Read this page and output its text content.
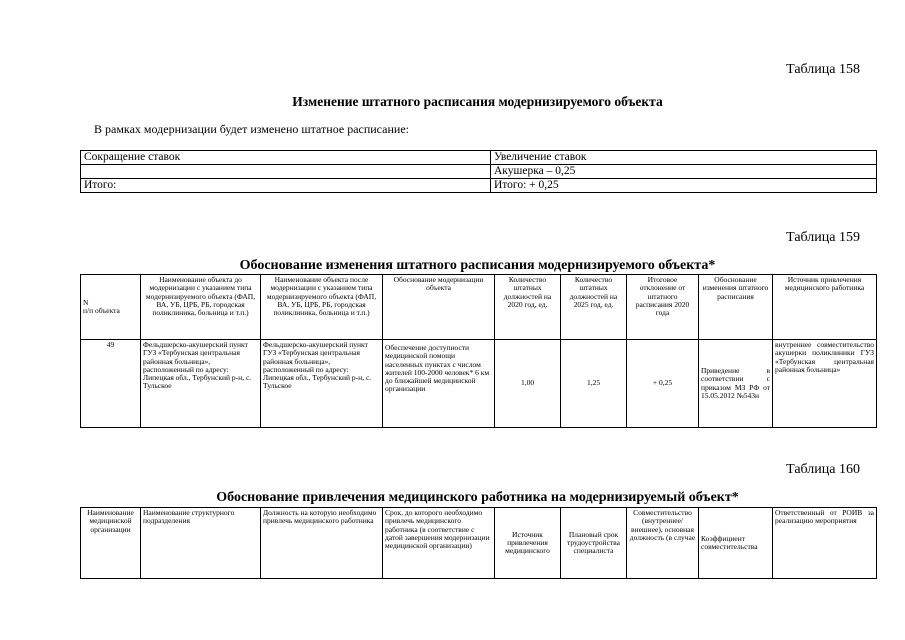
Таблица 158
Изменение штатного расписания модернизируемого объекта
В рамках модернизации будет изменено штатное расписание:
Сокращение ставок	Увеличение ставок
	Акушерка – 0,25
Итого:	Итого: + 0,25
Таблица 159
Обоснование изменения штатного расписания модернизируемого объекта*
N
п/п объекта	Наименование объекта до модернизации с указанием типа модернизируемого объекта (ФАП, ВА, УБ, ЦРБ, РБ, городская поликлиника, больница и т.п.)	Наименование объекта после модернизации с указанием типа модернизируемого объекта (ФАП, ВА, УБ, ЦРБ, РБ, городская поликлиника, больница и т.п.)	Обоснование модернизации объекта	Количество штатных должностей на 2020 год, ед.	Количество штатных должностей на 2025 год, ед.	Итоговое отклонение от штатного расписания 2020 года	Обоснование изменения штатного расписания	Источник привлечения медицинского работника
49	Фельдшерско-акушерский пункт ГУЗ «Тербунская центральная районная больница», расположенный по адресу: Липецкая обл., Тербунский р-н, с. Тульское	Фельдшерско-акушерский пункт ГУЗ «Тербунская центральная районная больница», расположенный по адресу: Липецкая обл., Тербунский р-н, с. Тульское	Обеспечение доступности медицинской помощи населенных пунктах с числом жителей 100-2000 человек* 6 км до ближайшей медицинской организации	1,00	1,25	+ 0,25	Приведение в соответствии с приказом МЗ РФ от 15.05.2012 №543н	внутреннее совместительство акушерки поликлиники ГУЗ «Тербунская центральная районная больница»
Таблица 160
Обоснование привлечения медицинского работника на модернизируемый объект*
Наименование медицинской организации	Наименование структурного подразделения	Должность на которую необходимо привлечь медицинского работника	Срок, до которого необходимо привлечь медицинского работника (в соответствие с датой завершения модернизации медицинской организации)	Источник привлечения медицинского	Плановый срок трудоустройства специалиста	Совместительство (внутреннее/внешнее), основная должность (в случае	Коэффициент совместительства	Ответственный от РОИВ за реализацию мероприятия
